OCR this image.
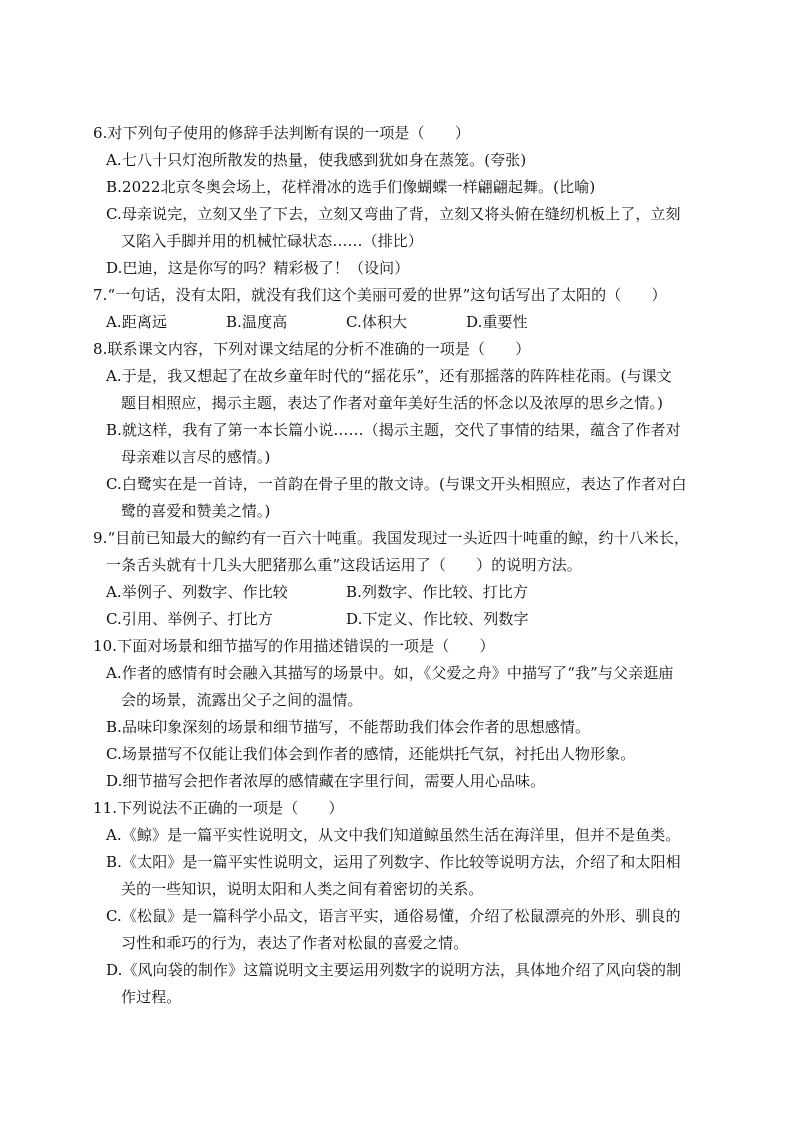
6.对下列句子使用的修辞手法判断有误的一项是（　　）
A.七八十只灯泡所散发的热量，使我感到犹如身在蒸笼。(夸张)
B.2022北京冬奥会场上，花样滑冰的选手们像蝴蝶一样翩翩起舞。(比喻)
C.母亲说完，立刻又坐了下去，立刻又弯曲了背，立刻又将头俯在缝纫机板上了，立刻
又陷入手脚并用的机械忙碌状态……（排比）
D.巴迪，这是你写的吗？精彩极了！（设问）
7.“一句话，没有太阳，就没有我们这个美丽可爱的世界”这句话写出了太阳的（　　）
A.距离远	B.温度高	C.体积大	D.重要性
8.联系课文内容，下列对课文结尾的分析不准确的一项是（　　）
A.于是，我又想起了在故乡童年时代的“摇花乐”，还有那摇落的阵阵桂花雨。(与课文
题目相照应，揭示主题，表达了作者对童年美好生活的怀念以及浓厚的思乡之情。)
B.就这样，我有了第一本长篇小说……（揭示主题，交代了事情的结果，蕴含了作者对
母亲难以言尽的感情。)
C.白鹭实在是一首诗，一首韵在骨子里的散文诗。(与课文开头相照应，表达了作者对白
鹭的喜爱和赞美之情。)
9.“目前已知最大的鲸约有一百六十吨重。我国发现过一头近四十吨重的鲸，约十八米长，
一条舌头就有十几头大肥猪那么重”这段话运用了（　　）的说明方法。
A.举例子、列数字、作比较	B.列数字、作比较、打比方
C.引用、举例子、打比方	D.下定义、作比较、列数字
10.下面对场景和细节描写的作用描述错误的一项是（　　）
A.作者的感情有时会融入其描写的场景中。如，《父爱之舟》中描写了“我”与父亲逛庙
会的场景，流露出父子之间的温情。
B.品味印象深刻的场景和细节描写，不能帮助我们体会作者的思想感情。
C.场景描写不仅能让我们体会到作者的感情，还能烘托气氛，衬托出人物形象。
D.细节描写会把作者浓厚的感情藏在字里行间，需要人用心品味。
11.下列说法不正确的一项是（　　）
A.《鲸》是一篇平实性说明文，从文中我们知道鲸虽然生活在海洋里，但并不是鱼类。
B.《太阳》是一篇平实性说明文，运用了列数字、作比较等说明方法，介绍了和太阳相
关的一些知识，说明太阳和人类之间有着密切的关系。
C.《松鼠》是一篇科学小品文，语言平实，通俗易懂，介绍了松鼠漂亮的外形、驯良的
习性和乖巧的行为，表达了作者对松鼠的喜爱之情。
D.《风向袋的制作》这篇说明文主要运用列数字的说明方法，具体地介绍了风向袋的制
作过程。
